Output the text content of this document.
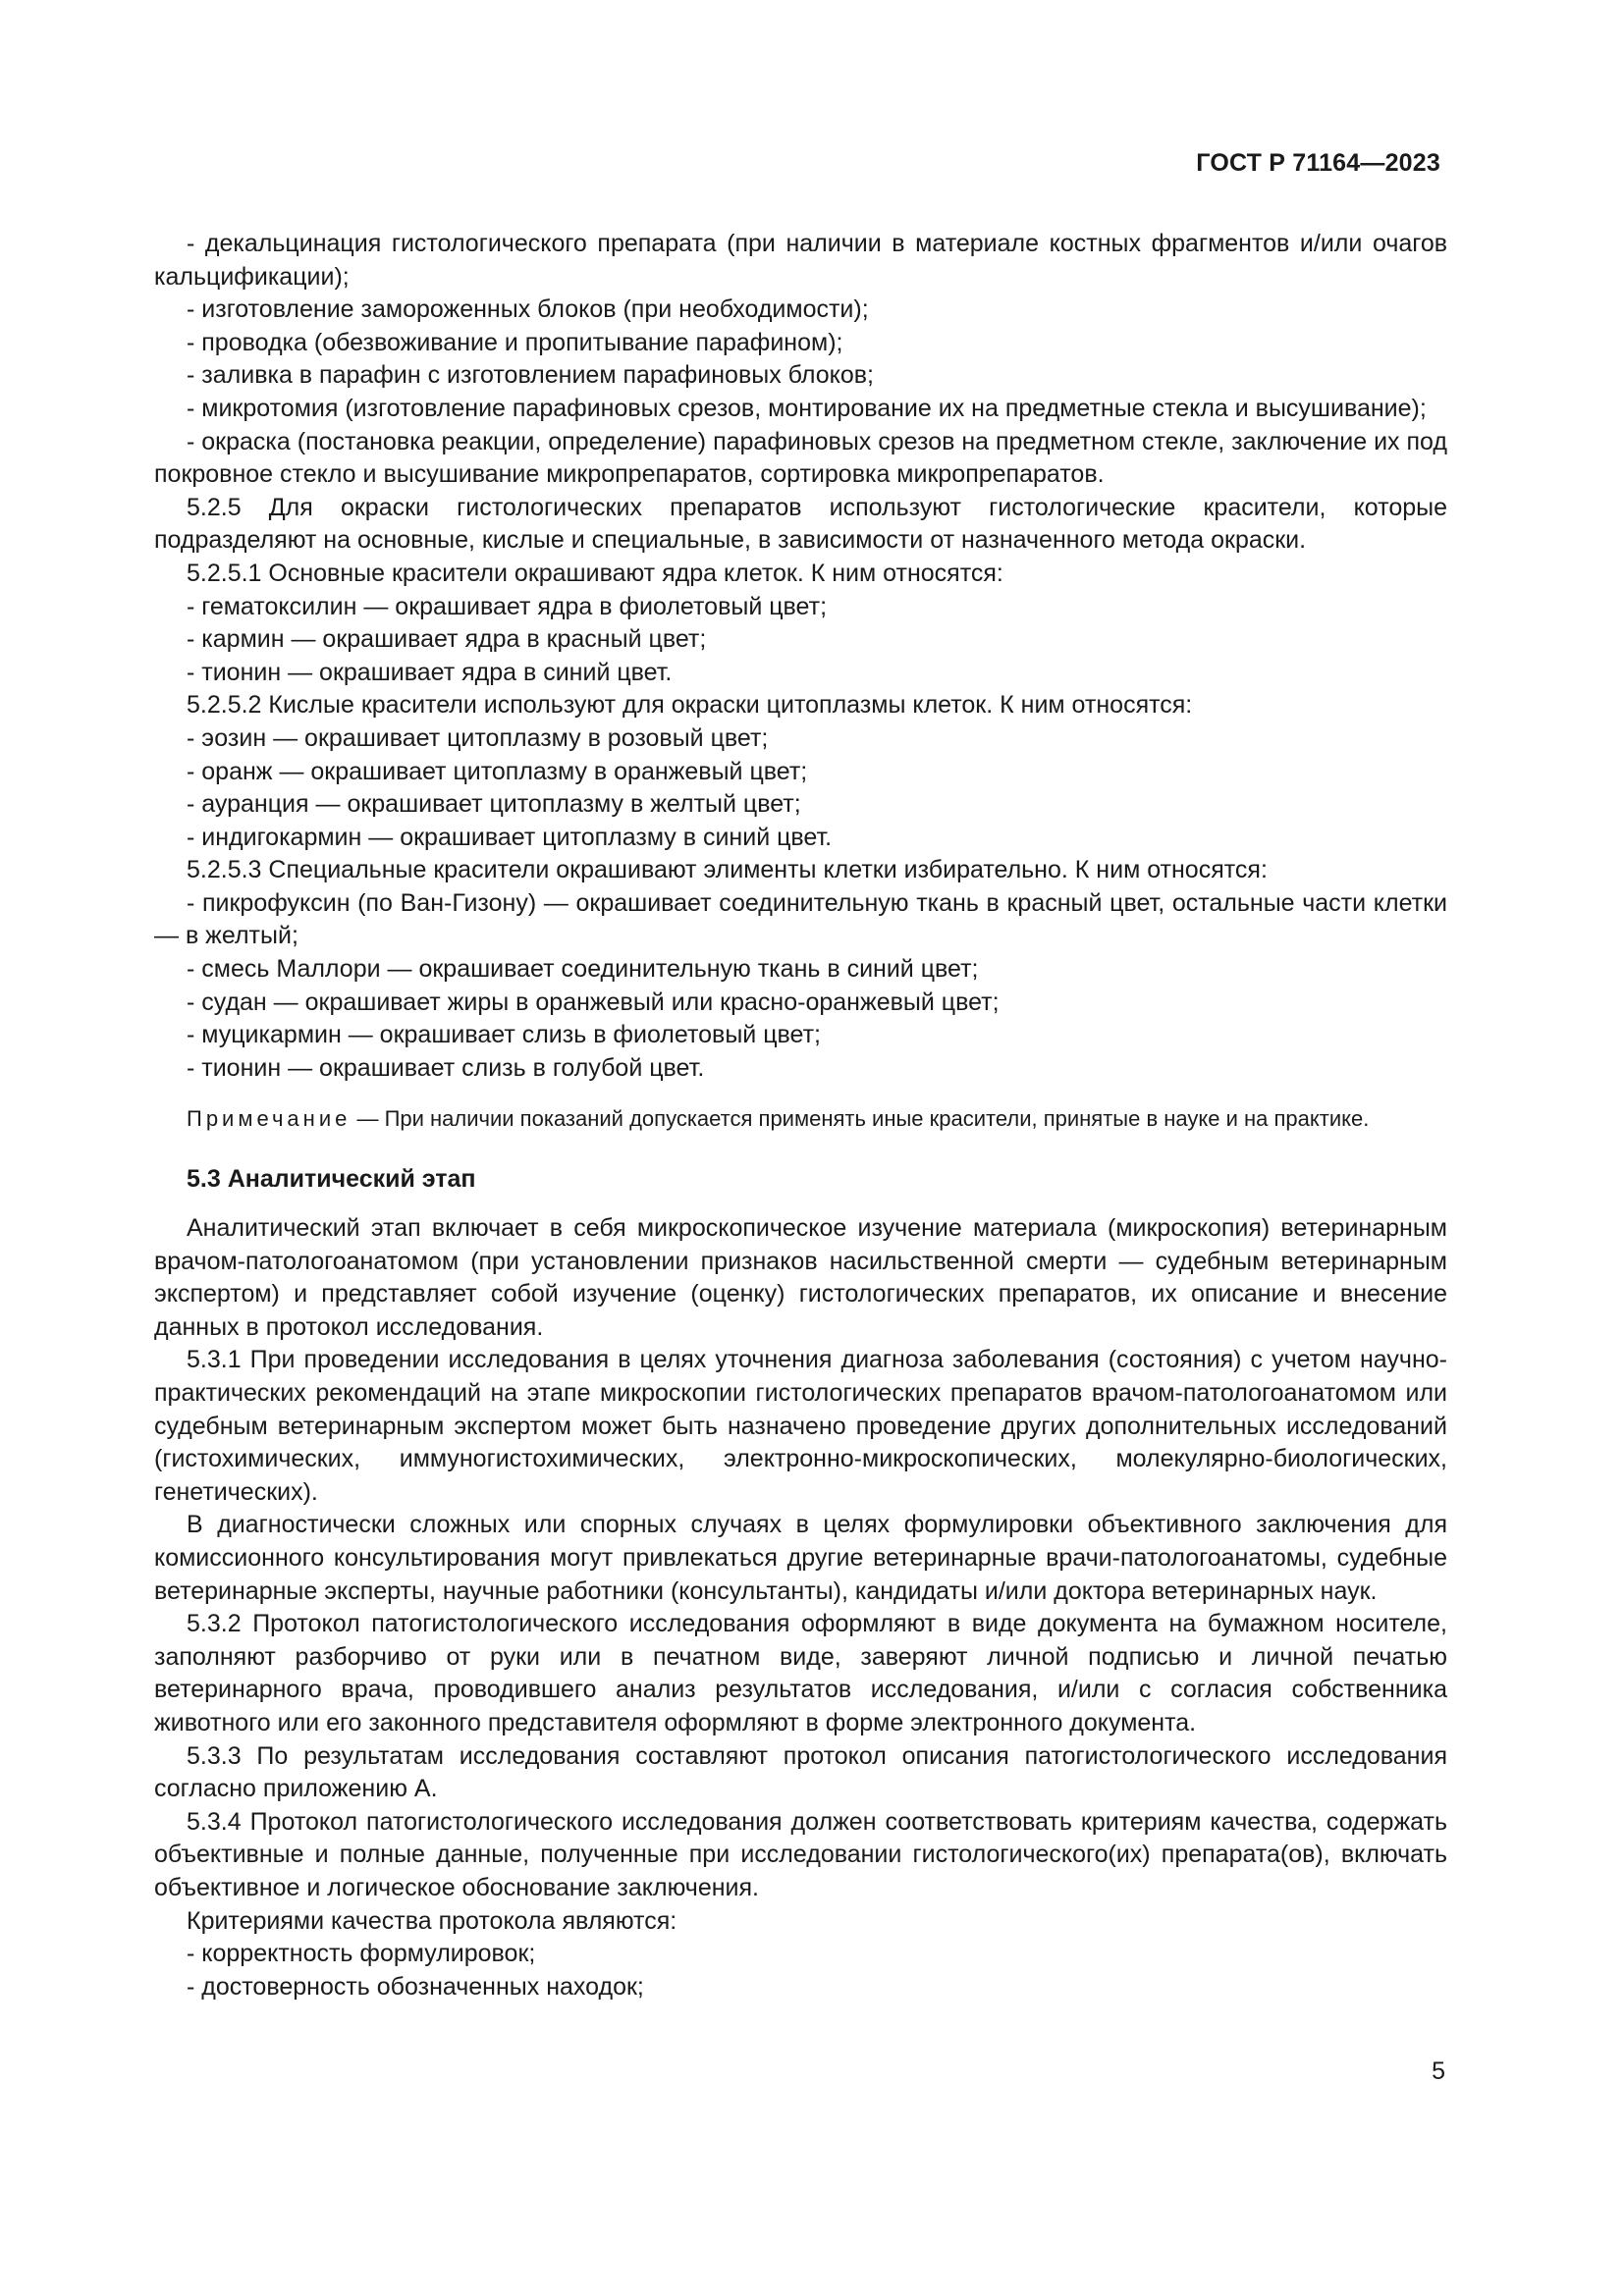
ГОСТ Р 71164—2023

- декальцинация гистологического препарата (при наличии в материале костных фрагментов и/или очагов кальцификации);

- изготовление замороженных блоков (при необходимости);

- проводка (обезвоживание и пропитывание парафином);

- заливка в парафин с изготовлением парафиновых блоков;

- микротомия (изготовление парафиновых срезов, монтирование их на предметные стекла и высушивание);

- окраска (постановка реакции, определение) парафиновых срезов на предметном стекле, заключение их под покровное стекло и высушивание микропрепаратов, сортировка микропрепаратов.

5.2.5 Для окраски гистологических препаратов используют гистологические красители, которые подразделяют на основные, кислые и специальные, в зависимости от назначенного метода окраски.

5.2.5.1 Основные красители окрашивают ядра клеток. К ним относятся:

- гематоксилин — окрашивает ядра в фиолетовый цвет;

- кармин — окрашивает ядра в красный цвет;

- тионин — окрашивает ядра в синий цвет.

5.2.5.2 Кислые красители используют для окраски цитоплазмы клеток. К ним относятся:

- эозин — окрашивает цитоплазму в розовый цвет;

- оранж — окрашивает цитоплазму в оранжевый цвет;

- ауранция — окрашивает цитоплазму в желтый цвет;

- индигокармин — окрашивает цитоплазму в синий цвет.

5.2.5.3 Специальные красители окрашивают элименты клетки избирательно. К ним относятся:

- пикрофуксин (по Ван-Гизону) — окрашивает соединительную ткань в красный цвет, остальные части клетки — в желтый;

- смесь Маллори — окрашивает соединительную ткань в синий цвет;

- судан — окрашивает жиры в оранжевый или красно-оранжевый цвет;

- муцикармин — окрашивает слизь в фиолетовый цвет;

- тионин — окрашивает слизь в голубой цвет.

Примечание — При наличии показаний допускается применять иные красители, принятые в науке и на практике.

5.3 Аналитический этап

Аналитический этап включает в себя микроскопическое изучение материала (микроскопия) ветеринарным врачом-патологоанатомом (при установлении признаков насильственной смерти — судебным ветеринарным экспертом) и представляет собой изучение (оценку) гистологических препаратов, их описание и внесение данных в протокол исследования.

5.3.1 При проведении исследования в целях уточнения диагноза заболевания (состояния) с учетом научно-практических рекомендаций на этапе микроскопии гистологических препаратов врачом-патологоанатомом или судебным ветеринарным экспертом может быть назначено проведение других дополнительных исследований (гистохимических, иммуногистохимических, электронно-микроскопических, молекулярно-биологических, генетических).

В диагностически сложных или спорных случаях в целях формулировки объективного заключения для комиссионного консультирования могут привлекаться другие ветеринарные врачи-патологоанатомы, судебные ветеринарные эксперты, научные работники (консультанты), кандидаты и/или доктора ветеринарных наук.

5.3.2 Протокол патогистологического исследования оформляют в виде документа на бумажном носителе, заполняют разборчиво от руки или в печатном виде, заверяют личной подписью и личной печатью ветеринарного врача, проводившего анализ результатов исследования, и/или с согласия собственника животного или его законного представителя оформляют в форме электронного документа.

5.3.3 По результатам исследования составляют протокол описания патогистологического исследования согласно приложению А.

5.3.4 Протокол патогистологического исследования должен соответствовать критериям качества, содержать объективные и полные данные, полученные при исследовании гистологического(их) препарата(ов), включать объективное и логическое обоснование заключения.

Критериями качества протокола являются:

- корректность формулировок;

- достоверность обозначенных находок;

5
